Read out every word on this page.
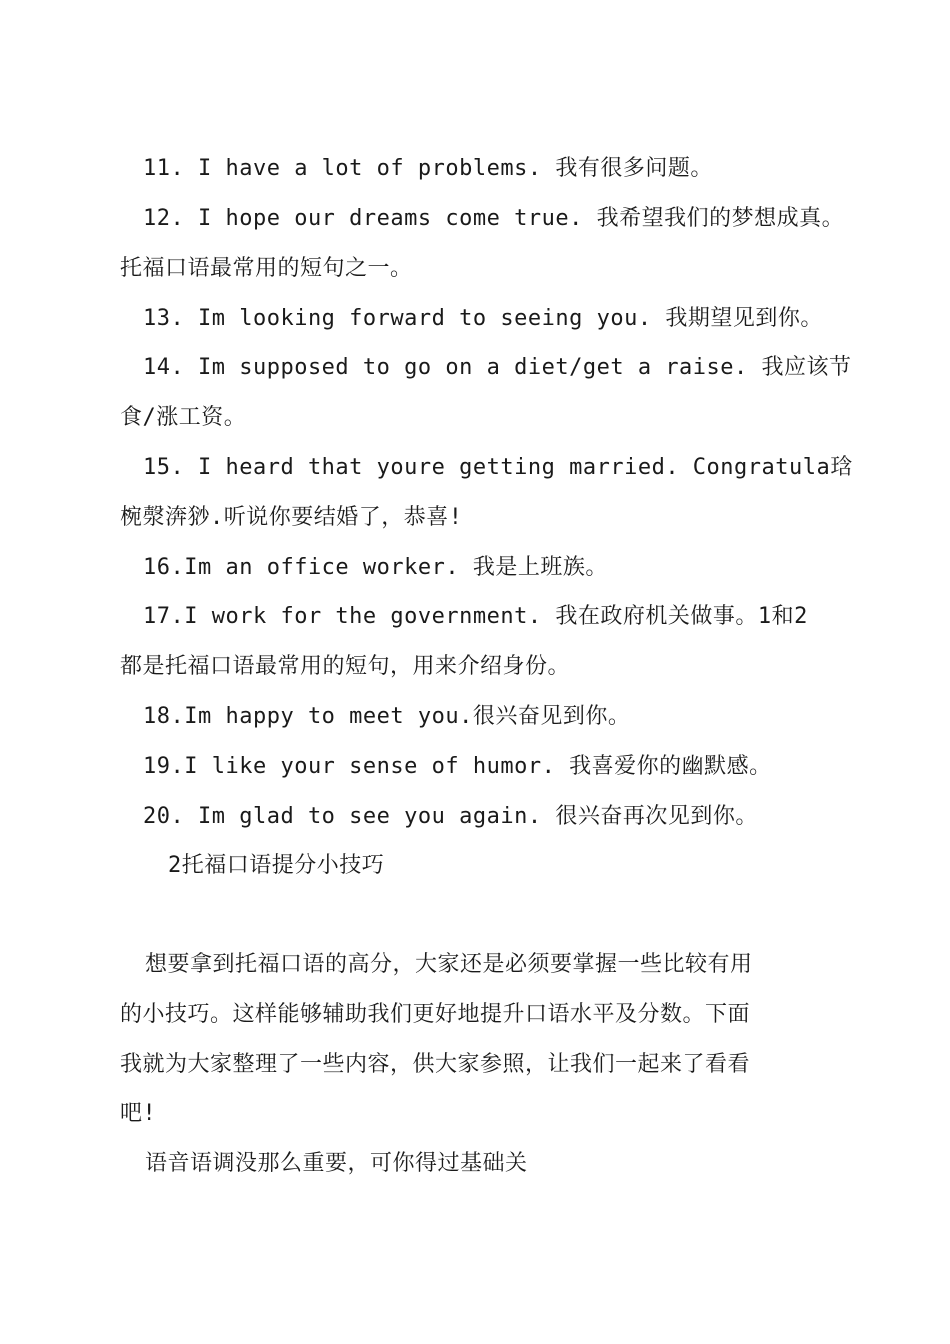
11. I have a lot of problems. 我有很多问题。
12. I hope our dreams come true. 我希望我们的梦想成真。
托福口语最常用的短句之一。
13. Im looking forward to seeing you. 我期望见到你。
14. Im supposed to go on a diet/get a raise. 我应该节
食/涨工资。
15. I heard that youre getting married. Congratula琀
椀漀渀猀.听说你要结婚了，恭喜!
16.Im an office worker. 我是上班族。
17.I work for the government. 我在政府机关做事。1和2
都是托福口语最常用的短句，用来介绍身份。
18.Im happy to meet you.很兴奋见到你。
19.I like your sense of humor. 我喜爱你的幽默感。
20. Im glad to see you again. 很兴奋再次见到你。
2托福口语提分小技巧
想要拿到托福口语的高分，大家还是必须要掌握一些比较有用
的小技巧。这样能够辅助我们更好地提升口语水平及分数。下面
我就为大家整理了一些内容，供大家参照，让我们一起来了看看
吧!
语音语调没那么重要，可你得过基础关
